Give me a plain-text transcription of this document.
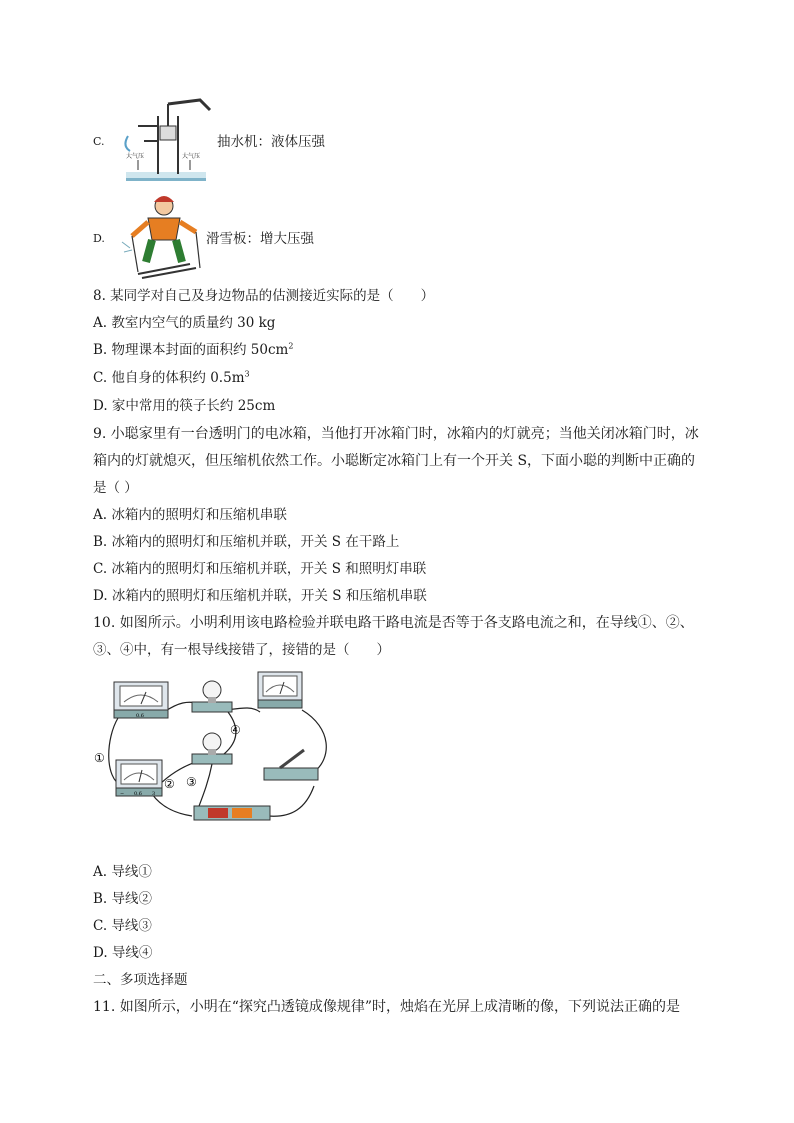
C.
大气压	大气压
抽水机：液体压强
D.	滑雪板：增大压强
8. 某同学对自己及身边物品的估测接近实际的是（　　）
A. 教室内空气的质量约 30 kg
B. 物理课本封面的面积约 $50cm^2$
C. 他自身的体积约 $0.5m^3$
D. 家中常用的筷子长约 25cm
9. 小聪家里有一台透明门的电冰箱，当他打开冰箱门时，冰箱内的灯就亮；当他关闭冰箱门时，冰
箱内的灯就熄灭，但压缩机依然工作。小聪断定冰箱门上有一个开关 S，下面小聪的判断中正确的
是（ ）
A. 冰箱内的照明灯和压缩机串联
B. 冰箱内的照明灯和压缩机并联，开关 S 在干路上
C. 冰箱内的照明灯和压缩机并联，开关 S 和照明灯串联
D. 冰箱内的照明灯和压缩机并联，开关 S 和压缩机串联
10. 如图所示。小明利用该电路检验并联电路干路电流是否等于各支路电流之和，在导线①、②、
③、④中，有一根导线接错了，接错的是（　　）
0.6
− 0.6 3
①
② ③
④
A. 导线①
B. 导线②
C. 导线③
D. 导线④
二、多项选择题
11. 如图所示，小明在“探究凸透镜成像规律”时，烛焰在光屏上成清晰的像，下列说法正确的是
